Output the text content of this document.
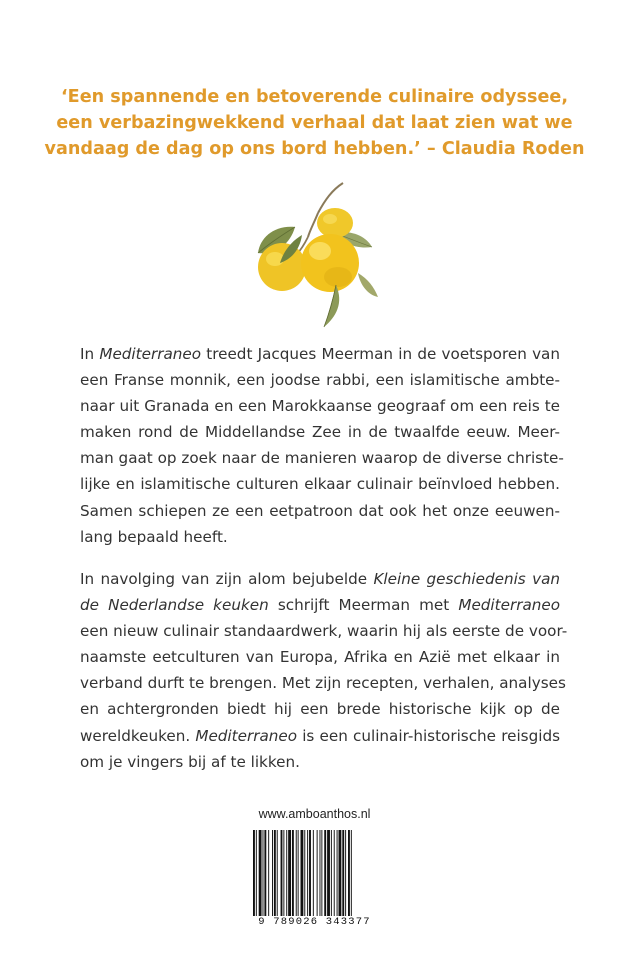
‘Een spannende en betoverende culinaire odyssee,
een verbazingwekkend verhaal dat laat zien wat we
vandaag de dag op ons bord hebben.’ – Claudia Roden
In Mediterraneo treedt Jacques Meerman in de voetsporen van
een Franse monnik, een joodse rabbi, een islamitische ambte-
naar uit Granada en een Marokkaanse geograaf om een reis te
maken rond de Middellandse Zee in de twaalfde eeuw. Meer-
man gaat op zoek naar de manieren waarop de diverse christe-
lijke en islamitische culturen elkaar culinair beïnvloed hebben.
Samen schiepen ze een eetpatroon dat ook het onze eeuwen-
lang bepaald heeft.
In navolging van zijn alom bejubelde Kleine geschiedenis van
de Nederlandse keuken schrijft Meerman met Mediterraneo
een nieuw culinair standaardwerk, waarin hij als eerste de voor-
naamste eetculturen van Europa, Afrika en Azië met elkaar in
verband durft te brengen. Met zijn recepten, verhalen, analyses
en achtergronden biedt hij een brede historische kijk op de
wereldkeuken. Mediterraneo is een culinair-historische reisgids
om je vingers bij af te likken.
www.amboanthos.nl
9 789026 343377
